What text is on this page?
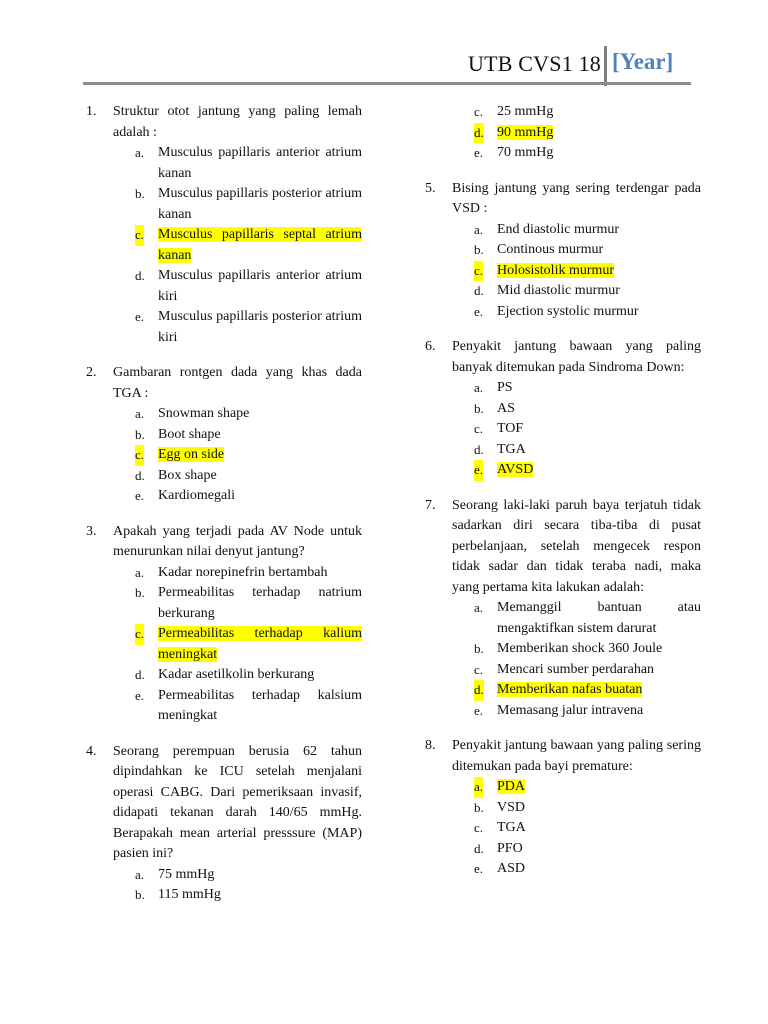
UTB CVS1 18 [Year]
1. Struktur otot jantung yang paling lemah adalah :
a. Musculus papillaris anterior atrium kanan
b. Musculus papillaris posterior atrium kanan
c. Musculus papillaris septal atrium kanan
d. Musculus papillaris anterior atrium kiri
e. Musculus papillaris posterior atrium kiri
2. Gambaran rontgen dada yang khas dada TGA :
a. Snowman shape
b. Boot shape
c. Egg on side
d. Box shape
e. Kardiomegali
3. Apakah yang terjadi pada AV Node untuk menurunkan nilai denyut jantung?
a. Kadar norepinefrin bertambah
b. Permeabilitas terhadap natrium berkurang
c. Permeabilitas terhadap kalium meningkat
d. Kadar asetilkolin berkurang
e. Permeabilitas terhadap kalsium meningkat
4. Seorang perempuan berusia 62 tahun dipindahkan ke ICU setelah menjalani operasi CABG. Dari pemeriksaan invasif, didapati tekanan darah 140/65 mmHg. Berapakah mean arterial presssure (MAP) pasien ini?
a. 75 mmHg
b. 115 mmHg
c. 25 mmHg
d. 90 mmHg
e. 70 mmHg
5. Bising jantung yang sering terdengar pada VSD :
a. End diastolic murmur
b. Continous murmur
c. Holosistolik murmur
d. Mid diastolic murmur
e. Ejection systolic murmur
6. Penyakit jantung bawaan yang paling banyak ditemukan pada Sindroma Down:
a. PS
b. AS
c. TOF
d. TGA
e. AVSD
7. Seorang laki-laki paruh baya terjatuh tidak sadarkan diri secara tiba-tiba di pusat perbelanjaan, setelah mengecek respon tidak sadar dan tidak teraba nadi, maka yang pertama kita lakukan adalah:
a. Memanggil bantuan atau mengaktifkan sistem darurat
b. Memberikan shock 360 Joule
c. Mencari sumber perdarahan
d. Memberikan nafas buatan
e. Memasang jalur intravena
8. Penyakit jantung bawaan yang paling sering ditemukan pada bayi premature:
a. PDA
b. VSD
c. TGA
d. PFO
e. ASD
